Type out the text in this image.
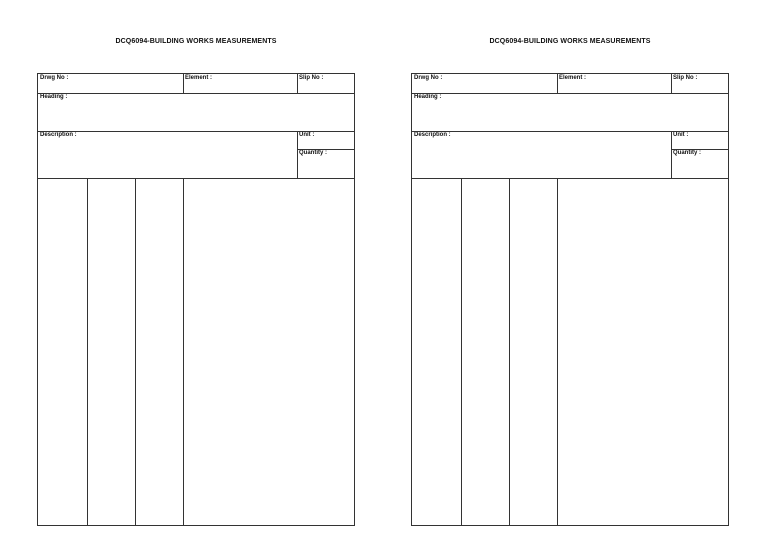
DCQ6094-BUILDING WORKS MEASUREMENTS
Drwg No :	Element :	Slip No :
Heading :
Description :	Unit :
Quantity :
DCQ6094-BUILDING WORKS MEASUREMENTS
Drwg No :	Element :	Slip No :
Heading :
Description :	Unit :
Quantity :
